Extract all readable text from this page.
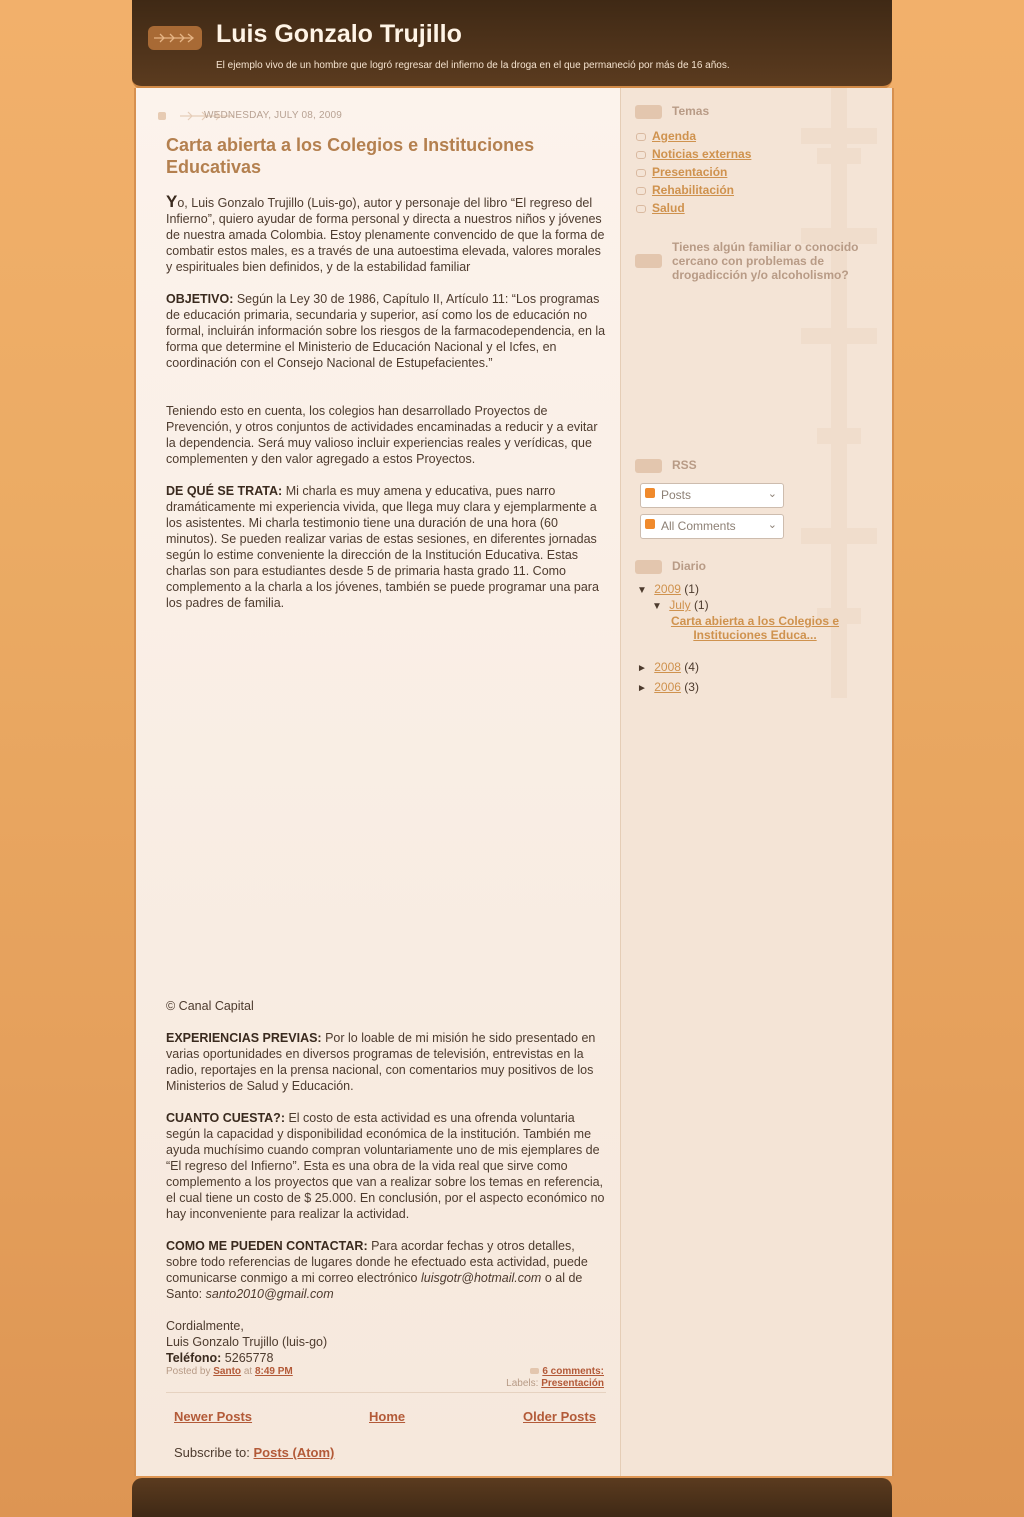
Luis Gonzalo Trujillo
El ejemplo vivo de un hombre que logró regresar del infierno de la droga en el que permaneció por más de 16 años.
WEDNESDAY, JULY 08, 2009
Carta abierta a los Colegios e Instituciones Educativas
Yo, Luis Gonzalo Trujillo (Luis-go), autor y personaje del libro “El regreso del Infierno”, quiero ayudar de forma personal y directa a nuestros niños y jóvenes de nuestra amada Colombia. Estoy plenamente convencido de que la forma de combatir estos males, es a través de una autoestima elevada, valores morales y espirituales bien definidos, y de la estabilidad familiar
OBJETIVO: Según la Ley 30 de 1986, Capítulo II, Artículo 11: “Los programas de educación primaria, secundaria y superior, así como los de educación no formal, incluirán información sobre los riesgos de la farmacodependencia, en la forma que determine el Ministerio de Educación Nacional y el Icfes, en coordinación con el Consejo Nacional de Estupefacientes.”
Teniendo esto en cuenta, los colegios han desarrollado Proyectos de Prevención, y otros conjuntos de actividades encaminadas a reducir y a evitar la dependencia. Será muy valioso incluir experiencias reales y verídicas, que complementen y den valor agregado a estos Proyectos.
DE QUÉ SE TRATA: Mi charla es muy amena y educativa, pues narro dramáticamente mi experiencia vivida, que llega muy clara y ejemplarmente a los asistentes. Mi charla testimonio tiene una duración de una hora (60 minutos). Se pueden realizar varias de estas sesiones, en diferentes jornadas según lo estime conveniente la dirección de la Institución Educativa. Estas charlas son para estudiantes desde 5 de primaria hasta grado 11. Como complemento a la charla a los jóvenes, también se puede programar una para los padres de familia.
© Canal Capital
EXPERIENCIAS PREVIAS: Por lo loable de mi misión he sido presentado en varias oportunidades en diversos programas de televisión, entrevistas en la radio, reportajes en la prensa nacional, con comentarios muy positivos de los Ministerios de Salud y Educación.
CUANTO CUESTA?: El costo de esta actividad es una ofrenda voluntaria según la capacidad y disponibilidad económica de la institución. También me ayuda muchísimo cuando compran voluntariamente uno de mis ejemplares de “El regreso del Infierno”. Esta es una obra de la vida real que sirve como complemento a los proyectos que van a realizar sobre los temas en referencia, el cual tiene un costo de $ 25.000. En conclusión, por el aspecto económico no hay inconveniente para realizar la actividad.
COMO ME PUEDEN CONTACTAR: Para acordar fechas y otros detalles, sobre todo referencias de lugares donde he efectuado esta actividad, puede comunicarse conmigo a mi correo electrónico luisgotr@hotmail.com o al de Santo: santo2010@gmail.com
Cordialmente,
Luis Gonzalo Trujillo (luis-go)
Teléfono: 5265778
Posted by Santo at 8:49 PM	6 comments:
Labels: Presentación
Newer Posts	Home	Older Posts
Subscribe to: Posts (Atom)
Temas
Agenda
Noticias externas
Presentación
Rehabilitación
Salud
Tienes algún familiar o conocido cercano con problemas de drogadicción y/o alcoholismo?
RSS
Posts	⌄
All Comments	⌄
Diario
▼ 2009 (1)
▼ July (1)
Carta abierta a los Colegios e Instituciones Educa...
► 2008 (4)
► 2006 (3)
